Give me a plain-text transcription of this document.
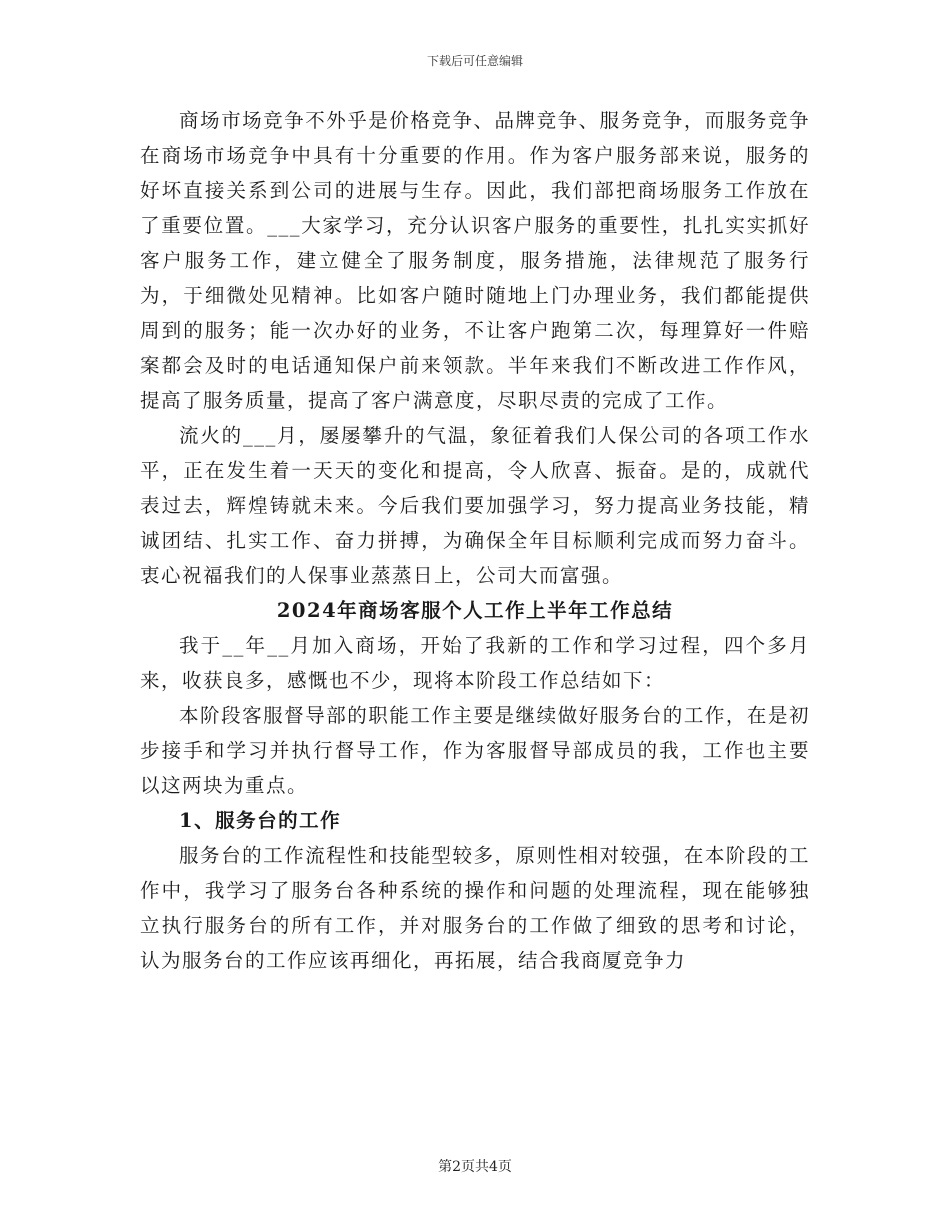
下载后可任意编辑

商场市场竞争不外乎是价格竞争、品牌竞争、服务竞争，而服务竞争在商场市场竞争中具有十分重要的作用。作为客户服务部来说，服务的好坏直接关系到公司的进展与生存。因此，我们部把商场服务工作放在了重要位置。___大家学习，充分认识客户服务的重要性，扎扎实实抓好客户服务工作，建立健全了服务制度，服务措施，法律规范了服务行为，于细微处见精神。比如客户随时随地上门办理业务，我们都能提供周到的服务；能一次办好的业务，不让客户跑第二次，每理算好一件赔案都会及时的电话通知保户前来领款。半年来我们不断改进工作作风，提高了服务质量，提高了客户满意度，尽职尽责的完成了工作。

流火的___月，屡屡攀升的气温，象征着我们人保公司的各项工作水平，正在发生着一天天的变化和提高，令人欣喜、振奋。是的，成就代表过去，辉煌铸就未来。今后我们要加强学习，努力提高业务技能，精诚团结、扎实工作、奋力拼搏，为确保全年目标顺利完成而努力奋斗。衷心祝福我们的人保事业蒸蒸日上，公司大而富强。

2024年商场客服个人工作上半年工作总结

我于__年__月加入商场，开始了我新的工作和学习过程，四个多月来，收获良多，感慨也不少，现将本阶段工作总结如下：

本阶段客服督导部的职能工作主要是继续做好服务台的工作，在是初步接手和学习并执行督导工作，作为客服督导部成员的我，工作也主要以这两块为重点。

1、服务台的工作

服务台的工作流程性和技能型较多，原则性相对较强，在本阶段的工作中，我学习了服务台各种系统的操作和问题的处理流程，现在能够独立执行服务台的所有工作，并对服务台的工作做了细致的思考和讨论，认为服务台的工作应该再细化，再拓展，结合我商厦竞争力

第2页共4页
